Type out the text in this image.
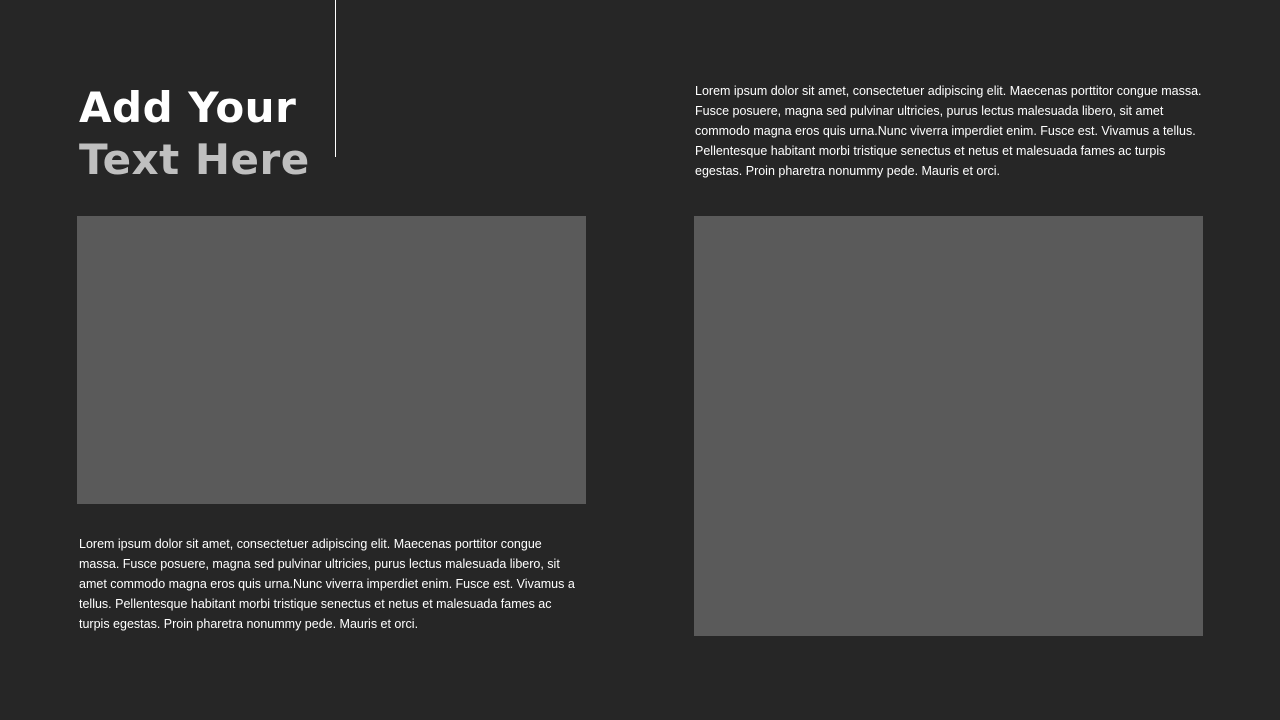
Add Your
Text Here

Lorem ipsum dolor sit amet, consectetuer adipiscing elit. Maecenas porttitor congue massa. Fusce posuere, magna sed pulvinar ultricies, purus lectus malesuada libero, sit amet commodo magna eros quis urna.Nunc viverra imperdiet enim. Fusce est. Vivamus a tellus. Pellentesque habitant morbi tristique senectus et netus et malesuada fames ac turpis egestas. Proin pharetra nonummy pede. Mauris et orci.

Lorem ipsum dolor sit amet, consectetuer adipiscing elit. Maecenas porttitor congue massa. Fusce posuere, magna sed pulvinar ultricies, purus lectus malesuada libero, sit amet commodo magna eros quis urna.Nunc viverra imperdiet enim. Fusce est. Vivamus a tellus. Pellentesque habitant morbi tristique senectus et netus et malesuada fames ac turpis egestas. Proin pharetra nonummy pede. Mauris et orci.
